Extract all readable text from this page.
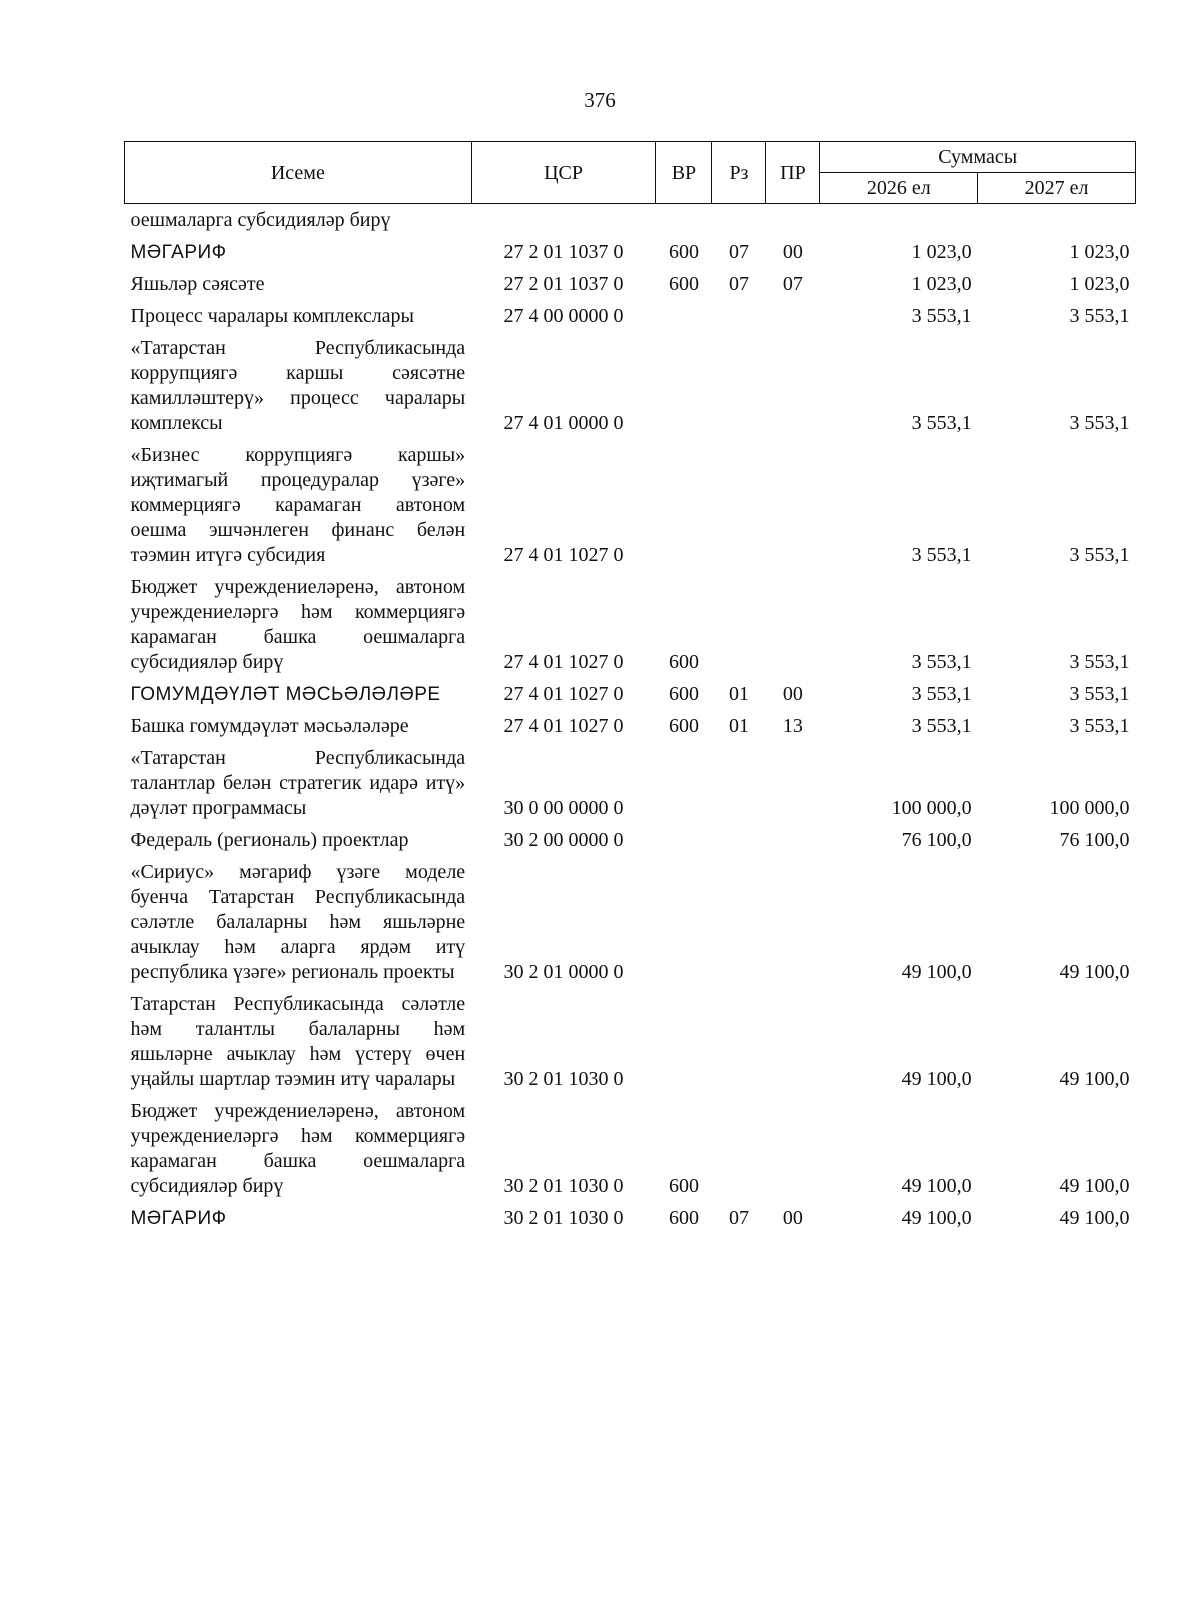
376
Исеме	ЦСР	ВР	Рз	ПР	Суммасы	
					2026 ел	2027 ел
оешмаларга субсидияләр бирү						
МӘГАРИФ	27 2 01 1037 0	600	07	00	1 023,0	1 023,0
Яшьләр сәясәте	27 2 01 1037 0	600	07	07	1 023,0	1 023,0
Процесс чаралары комплекслары	27 4 00 0000 0				3 553,1	3 553,1
«Татарстан Республикасында коррупциягә каршы сәясәтне камилләштерү» процесс чаралары комплексы	27 4 01 0000 0				3 553,1	3 553,1
«Бизнес коррупциягә каршы» иҗтимагый процедуралар үзәге» коммерциягә карамаган автоном оешма эшчәнлеген финанс белән тәэмин итүгә субсидия	27 4 01 1027 0				3 553,1	3 553,1
Бюджет учреждениеләренә, автоном учреждениеләргә һәм коммерциягә карамаган башка оешмаларга субсидияләр бирү	27 4 01 1027 0	600			3 553,1	3 553,1
ГОМУМДӘҮЛӘТ МӘСЬӘЛӘЛӘРЕ	27 4 01 1027 0	600	01	00	3 553,1	3 553,1
Башка гомумдәүләт мәсьәләләре	27 4 01 1027 0	600	01	13	3 553,1	3 553,1
«Татарстан Республикасында талантлар белән стратегик идарә итү» дәүләт программасы	30 0 00 0000 0				100 000,0	100 000,0
Федераль (региональ) проектлар	30 2 00 0000 0				76 100,0	76 100,0
«Сириус» мәгариф үзәге моделе буенча Татарстан Республикасында сәләтле балаларны һәм яшьләрне ачыклау һәм аларга ярдәм итү республика үзәге» региональ проекты	30 2 01 0000 0				49 100,0	49 100,0
Татарстан Республикасында сәләтле һәм талантлы балаларны һәм яшьләрне ачыклау һәм үстерү өчен уңайлы шартлар тәэмин итү чаралары	30 2 01 1030 0				49 100,0	49 100,0
Бюджет учреждениеләренә, автоном учреждениеләргә һәм коммерциягә карамаган башка оешмаларга субсидияләр бирү	30 2 01 1030 0	600			49 100,0	49 100,0
МӘГАРИФ	30 2 01 1030 0	600	07	00	49 100,0	49 100,0
